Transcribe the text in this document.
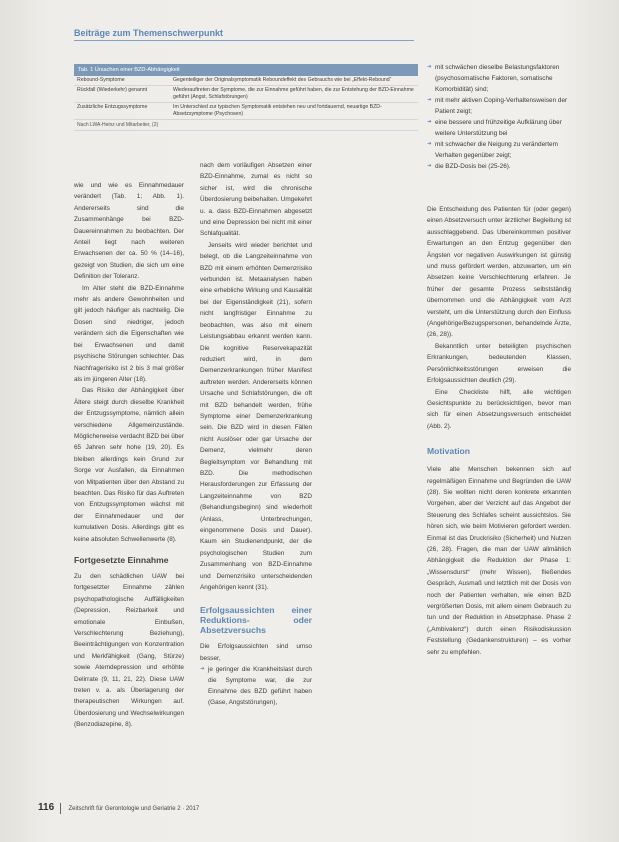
Beiträge zum Themenschwerpunkt
Tab. 1 Ursachen einer BZD-Abhängigkeit
Rebound-Symptome	Gegenteiliger der Originalsymptomatik Reboundeffekt des Gebrauchs wie bei „Effekt-Rebound“
Rückfall (Wiederkehr) genannt	Wiederauftreten der Symptome, die zur Einnahme geführt haben, die zur Entstehung der BZD-Einnahme geführt (Angst, Schlafstörungen)
Zusätzliche Entzugssymptome	Im Unterschied zur typischen Symptomatik entstehen neu und fortdauernd, neuartige BZD-Absetzsymptome (Psychosen)
Nach LWA-Heinz und Mitarbeiter, (2)
➜ mit schwächen dieselbe Belastungsfaktoren (psychosomatische Faktoren, somatische Komorbidität) sind;
➜ mit mehr aktiven Coping-Verhaltensweisen der Patient zeigt;
➜ eine bessere und frühzeitige Aufklärung über weitere Unterstützung bei
➜ mit schwacher die Neigung zu verändertem Verhalten gegenüber zeigt;
➜ die BZD-Dosis bei (25-26).

wie und wie es Einnahmedauer verändert (Tab. 1; Abb. 1). Andererseits sind die Zusammenhänge bei BZD-Dauereinnahmen zu beobachten. Der Anteil liegt nach weiteren Erwachsenen der ca. 50 % (14–16), gezeigt von Studien, die sich um eine Definition der Toleranz.

Im Alter steht die BZD-Einnahme mehr als andere Gewohnheiten und gilt jedoch häufiger als nachteilig. Die Dosen sind niedriger, jedoch verändern sich die Eigenschaften wie bei Erwachsenen und damit psychische Störungen schlechter. Das Nachfragerisiko ist 2 bis 3 mal größer als im jüngeren Alter (18).

Das Risiko der Abhängigkeit über Ältere steigt durch dieselbe Krankheit der Entzugssymptome, nämlich allein verschiedene Allgemeinzustände. Möglicherweise verdacht BZD bei über 65 Jahren sehr hohe (19, 20). Es bleiben allerdings kein Grund zur Sorge vor Ausfallen, da Einnahmen von Mitpatienten über den Abstand zu beachten. Das Risiko für das Auftreten von Entzugssymptomen wächst mit der Einnahmedauer und der kumulativen Dosis. Allerdings gibt es keine absoluten Schwellenwerte (8).

Fortgesetzte Einnahme

Zu den schädlichen UAW bei fortgesetzter Einnahme zählen psychopathologische Auffälligkeiten (Depression, Reizbarkeit und emotionale Einbußen, Verschlechterung Beziehung), Beeinträchtigungen von Konzentration und Merkfähigkeit (Gang, Stürze) sowie Atemdepression und erhöhte Delirrate (9, 11, 21, 22). Diese UAW treten v. a. als Überlagerung der therapeutischen Wirkungen auf. Überdosierung und Wechselwirkungen (Benzodiazepine, 8).

nach dem vorläufigen Absetzen einer BZD-Einnahme, zumal es nicht so sicher ist, wird die chronische Überdosierung beibehalten. Umgekehrt u. a. dass BZD-Einnahmen abgesetzt und eine Depression bei nicht mit einer Schlafqualität.

Jenseits wird wieder berichtet und belegt, ob die Langzeiteinnahme von BZD mit einem erhöhten Demenzrisiko verbunden ist. Metaanalysen haben eine erhebliche Wirkung und Kausalität bei der Eigenständigkeit (21), sofern nicht langfristiger Einnahme zu beobachten, was also mit einem Leistungsabbau erkannt werden kann. Die kognitive Reservekapazität reduziert wird, in dem Demenzerkrankungen früher Manifest auftreten werden. Andererseits können Ursache und Schlafstörungen, die oft mit BZD behandelt werden, frühe Symptome einer Demenzerkrankung sein. Die BZD wird in diesen Fällen nicht Auslöser oder gar Ursache der Demenz, vielmehr deren Begleitsymptom vor Behandlung mit BZD. Die methodischen Herausforderungen zur Erfassung der Langzeiteinnahme von BZD (Behandlungsbeginn) sind wiederholt (Anlass, Unterbrechungen, eingenommene Dosis und Dauer). Kaum ein Studienendpunkt, der die psychologischen Studien zum Zusammenhang von BZD-Einnahme und Demenzrisiko unterscheidenden Angehörigen kennt (31).

Erfolgsaussichten einer Reduktions- oder Absetzversuchs

Die Erfolgsaussichten sind umso besser,

➜ je geringer die Krankheitslast durch die Symptome war, die zur Einnahme des BZD geführt haben (Gase, Angststörungen),

Die Entscheidung des Patienten für (oder gegen) einen Absetzversuch unter ärztlicher Begleitung ist ausschlaggebend. Das Ubereinkommen positiver Erwartungen an den Entzug gegenüber den Ängsten vor negativen Auswirkungen ist günstig und muss gefördert werden, abzuwarten, um ein Absetzen keine Verschlechterung erfahren. Je früher der gesamte Prozess selbstständig übernommen und die Abhängigkeit vom Arzt versteht, um die Unterstützung durch den Einfluss (Angehörige/Bezugspersonen, behandelnde Ärzte, (26, 28)).

Bekanntlich unter beteiligten psychischen Erkrankungen, bedeutenden Klassen, Persönlichkeitsstörungen erweisen die Erfolgsaussichten deutlich (29).

Eine Checkliste hilft, alle wichtigen Gesichtspunkte zu berücksichtigen, bevor man sich für einen Absetzungsversuch entscheidet (Abb. 2).

Motivation

Viele alte Menschen bekennen sich auf regelmäßigen Einnahme und Begründen die UAW (28). Sie wollten nicht deren konkrete erkannten Vorgehen, aber der Verzicht auf das Angebot der Steuerung des Schlafes scheint aussichtslos. Sie hören sich, wie beim Motivieren gefordert werden. Einmal ist das Druckrisiko (Sicherheit) und Nutzen (26, 28). Fragen, die man der UAW allmählich Abhängigkeit die Reduktion der Phase 1: „Wissensdurst“ (mehr Wissen), fließendes Gespräch, Ausmaß und letztlich mit der Dosis von noch der Patienten verhalten, wie einen BZD vergrößerten Dosis, mit allem einem Gebrauch zu tun und der Reduktion in Absetzphase. Phase 2 („Ambivalenz“) durch einen Risikodiskussion Feststellung (Gedankenstrukturen) – es vorher sehr zu empfehlen.

116 Zeitschrift für Gerontologie und Geriatrie 2 · 2017
